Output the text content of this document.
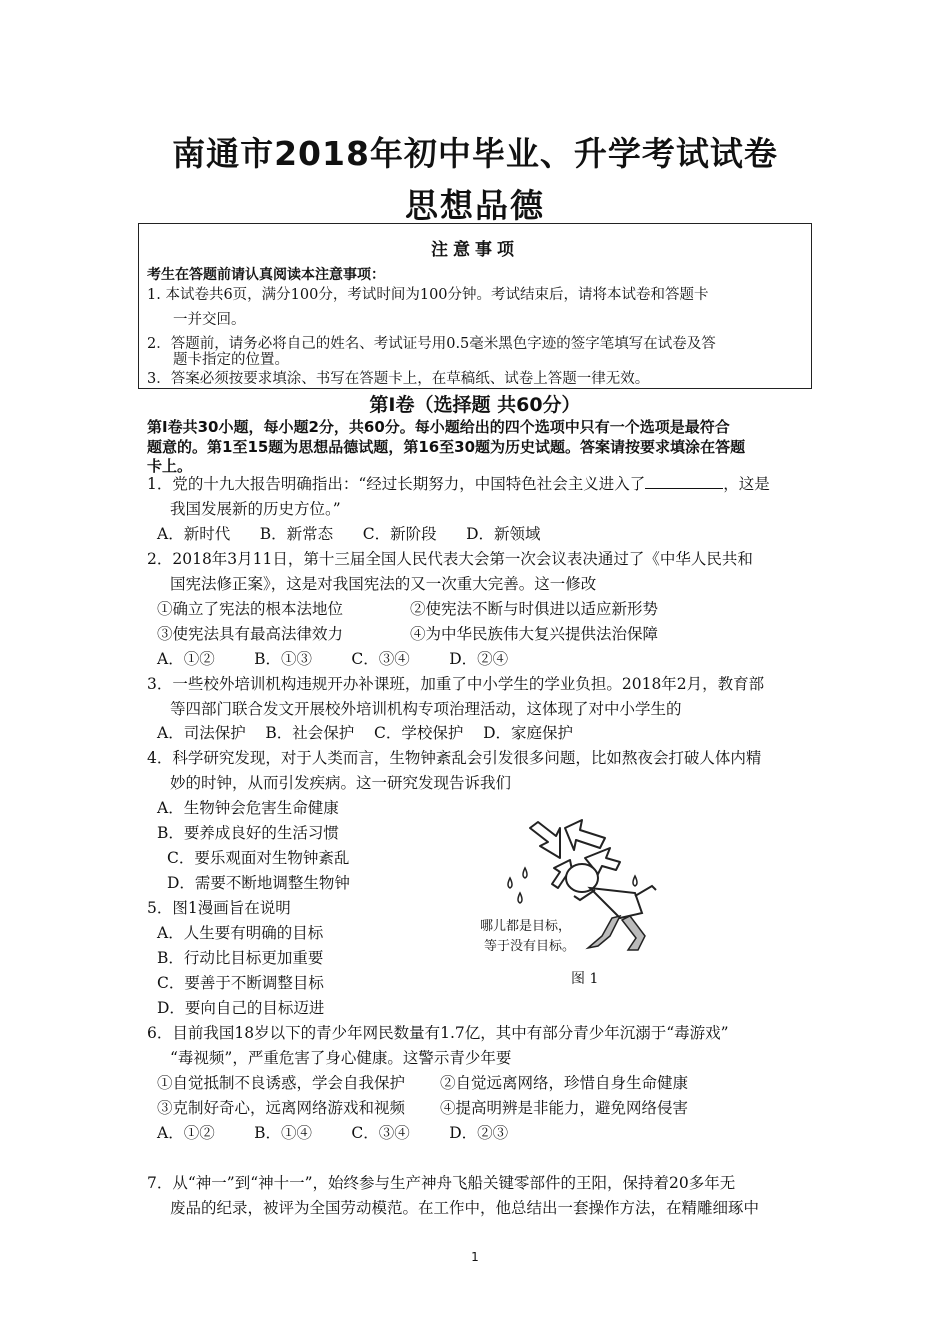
南通市2018年初中毕业、升学考试试卷
思想品德
注意事项
考生在答题前请认真阅读本注意事项：
1. 本试卷共6页，满分100分，考试时间为100分钟。考试结束后，请将本试卷和答题卡
一并交回。
2．答题前，请务必将自己的姓名、考试证号用0.5毫米黑色字迹的签字笔填写在试卷及答
题卡指定的位置。
3．答案必须按要求填涂、书写在答题卡上，在草稿纸、试卷上答题一律无效。
第Ⅰ卷（选择题 共60分）
第Ⅰ卷共30小题，每小题2分，共60分。每小题给出的四个选项中只有一个选项是最符合
题意的。第1至15题为思想品德试题，第16至30题为历史试题。答案请按要求填涂在答题
卡上。
1．党的十九大报告明确指出：“经过长期努力，中国特色社会主义进入了	，这是
我国发展新的历史方位。”
A．新时代      B．新常态      C．新阶段      D．新领域
2．2018年3月11日，第十三届全国人民代表大会第一次会议表决通过了《中华人民共和
国宪法修正案》，这是对我国宪法的又一次重大完善。这一修改
①确立了宪法的根本法地位	②使宪法不断与时俱进以适应新形势
③使宪法具有最高法律效力	④为中华民族伟大复兴提供法治保障
A．①②        B．①③        C．③④        D．②④
3．一些校外培训机构违规开办补课班，加重了中小学生的学业负担。2018年2月，教育部
等四部门联合发文开展校外培训机构专项治理活动，这体现了对中小学生的
A．司法保护    B．社会保护    C．学校保护    D．家庭保护
4．科学研究发现，对于人类而言，生物钟紊乱会引发很多问题，比如熬夜会打破人体内精
妙的时钟，从而引发疾病。这一研究发现告诉我们
A．生物钟会危害生命健康
B．要养成良好的生活习惯
C．要乐观面对生物钟紊乱
D．需要不断地调整生物钟
5．图1漫画旨在说明
A．人生要有明确的目标
B．行动比目标更加重要
C．要善于不断调整目标
D．要向自己的目标迈进
哪儿都是目标，
等于没有目标。
图 1
6．目前我国18岁以下的青少年网民数量有1.7亿，其中有部分青少年沉溺于“毒游戏”
“毒视频”，严重危害了身心健康。这警示青少年要
①自觉抵制不良诱惑，学会自我保护 ②自觉远离网络，珍惜自身生命健康
③克制好奇心，远离网络游戏和视频 ④提高明辨是非能力，避免网络侵害
A．①②        B．①④        C．③④        D．②③
7．从“神一”到“神十一”，始终参与生产神舟飞船关键零部件的王阳，保持着20多年无
废品的纪录，被评为全国劳动模范。在工作中，他总结出一套操作方法，在精雕细琢中
1
